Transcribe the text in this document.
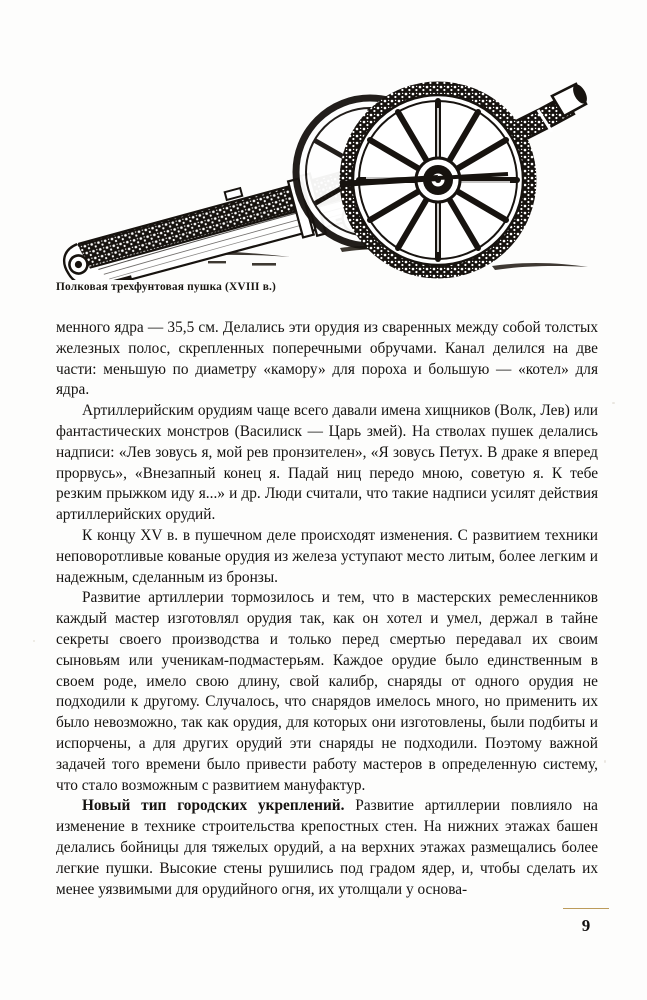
Полковая трехфунтовая пушка (XVIII в.)

менного ядра — 35,5 см. Делались эти орудия из сваренных между собой толстых железных полос, скрепленных поперечными обручами. Канал делился на две части: меньшую по диаметру «камору» для пороха и большую — «котел» для ядра.

Артиллерийским орудиям чаще всего давали имена хищников (Волк, Лев) или фантастических монстров (Василиск — Царь змей). На стволах пушек делались надписи: «Лев зовусь я, мой рев пронзителен», «Я зовусь Петух. В драке я вперед прорвусь», «Внезапный конец я. Падай ниц передо мною, советую я. К тебе резким прыжком иду я...» и др. Люди считали, что такие надписи усилят действия артиллерийских орудий.

К концу XV в. в пушечном деле происходят изменения. С развитием техники неповоротливые кованые орудия из железа уступают место литым, более легким и надежным, сделанным из бронзы.

Развитие артиллерии тормозилось и тем, что в мастерских ремесленников каждый мастер изготовлял орудия так, как он хотел и умел, держал в тайне секреты своего производства и только перед смертью передавал их своим сыновьям или ученикам-подмастерьям. Каждое орудие было единственным в своем роде, имело свою длину, свой калибр, снаряды от одного орудия не подходили к другому. Случалось, что снарядов имелось много, но применить их было невозможно, так как орудия, для которых они изготовлены, были подбиты и испорчены, а для других орудий эти снаряды не подходили. Поэтому важной задачей того времени было привести работу мастеров в определенную систему, что стало возможным с развитием мануфактур.

Новый тип городских укреплений. Развитие артиллерии повлияло на изменение в технике строительства крепостных стен. На нижних этажах башен делались бойницы для тяжелых орудий, а на верхних этажах размещались более легкие пушки. Высокие стены рушились под градом ядер, и, чтобы сделать их менее уязвимыми для орудийного огня, их утолщали у основа-

9
